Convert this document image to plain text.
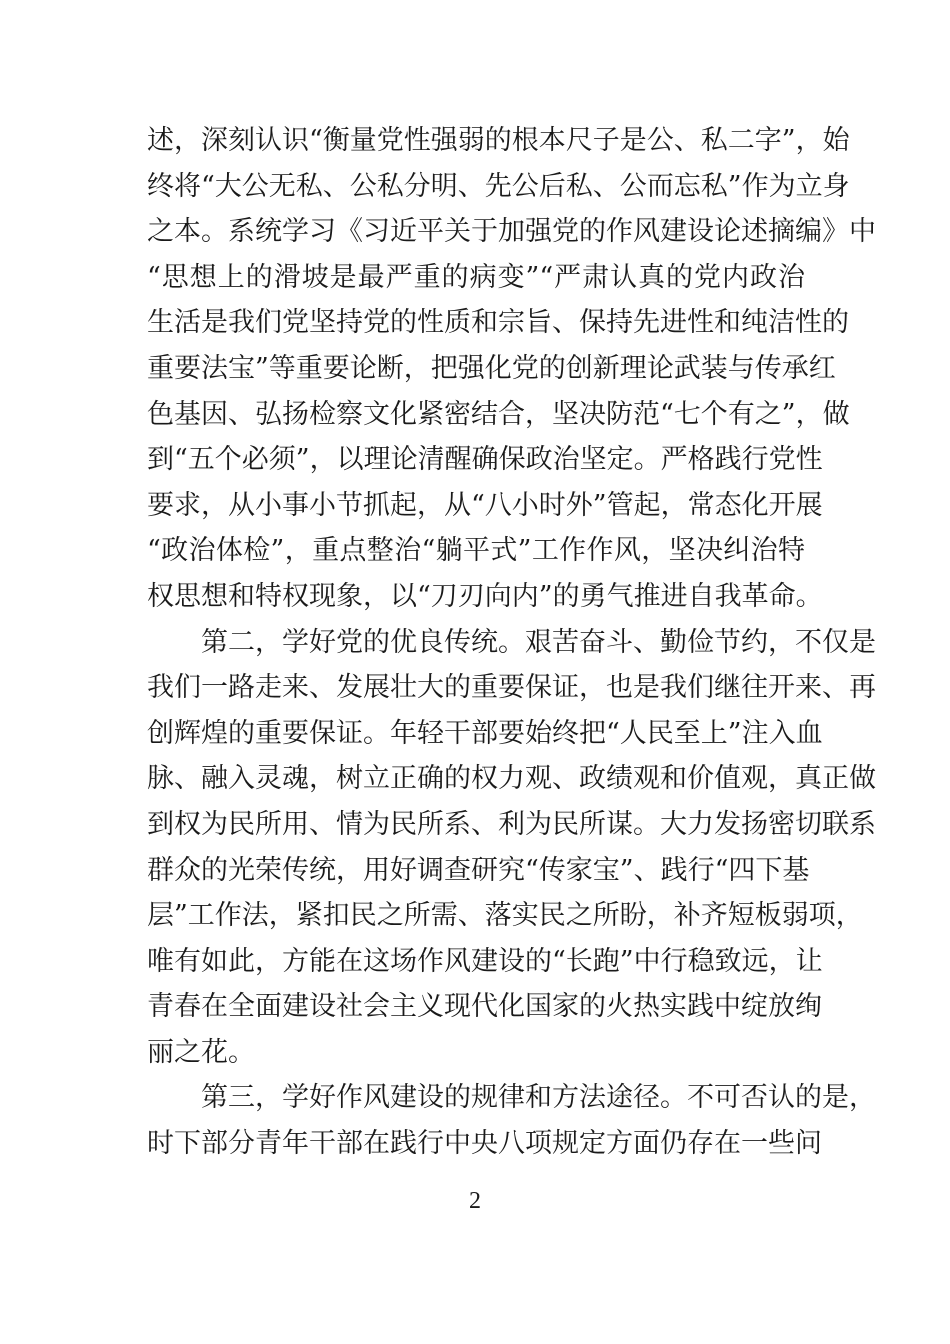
述，深刻认识“衡量党性强弱的根本尺子是公、私二字”，始
终将“大公无私、公私分明、先公后私、公而忘私”作为立身
之本。系统学习《习近平关于加强党的作风建设论述摘编》中
“思想上的滑坡是最严重的病变”“严肃认真的党内政治
生活是我们党坚持党的性质和宗旨、保持先进性和纯洁性的
重要法宝”等重要论断，把强化党的创新理论武装与传承红
色基因、弘扬检察文化紧密结合，坚决防范“七个有之”，做
到“五个必须”，以理论清醒确保政治坚定。严格践行党性
要求，从小事小节抓起，从“八小时外”管起，常态化开展
“政治体检”，重点整治“躺平式”工作作风，坚决纠治特
权思想和特权现象，以“刀刃向内”的勇气推进自我革命。
第二，学好党的优良传统。艰苦奋斗、勤俭节约，不仅是
我们一路走来、发展壮大的重要保证，也是我们继往开来、再
创辉煌的重要保证。年轻干部要始终把“人民至上”注入血
脉、融入灵魂，树立正确的权力观、政绩观和价值观，真正做
到权为民所用、情为民所系、利为民所谋。大力发扬密切联系
群众的光荣传统，用好调查研究“传家宝”、践行“四下基
层”工作法，紧扣民之所需、落实民之所盼，补齐短板弱项，
唯有如此，方能在这场作风建设的“长跑”中行稳致远，让
青春在全面建设社会主义现代化国家的火热实践中绽放绚
丽之花。
第三，学好作风建设的规律和方法途径。不可否认的是，
时下部分青年干部在践行中央八项规定方面仍存在一些问
2
